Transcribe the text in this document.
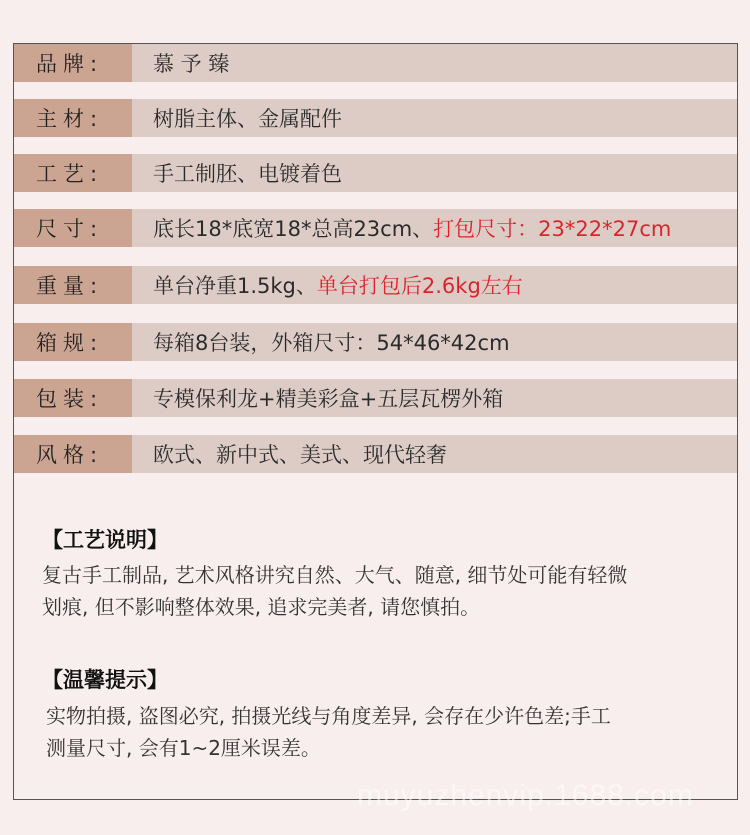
品牌:	慕 予 臻
主材:	树脂主体、金属配件
工艺:	手工制胚、电镀着色
尺寸:	底长18*底宽18*总高23cm、打包尺寸：23*22*27cm
重量:	单台净重1.5kg、单台打包后2.6kg左右
箱规:	每箱8台装，外箱尺寸：54*46*42cm
包装:	专模保利龙+精美彩盒+五层瓦楞外箱
风格:	欧式、新中式、美式、现代轻奢
【工艺说明】
复古手工制品, 艺术风格讲究自然、大气、随意, 细节处可能有轻微
划痕, 但不影响整体效果, 追求完美者, 请您慎拍。
【温馨提示】
实物拍摄, 盗图必究, 拍摄光线与角度差异, 会存在少许色差;手工
测量尺寸, 会有1~2厘米误差。
muyuzhenvip.1688.com
